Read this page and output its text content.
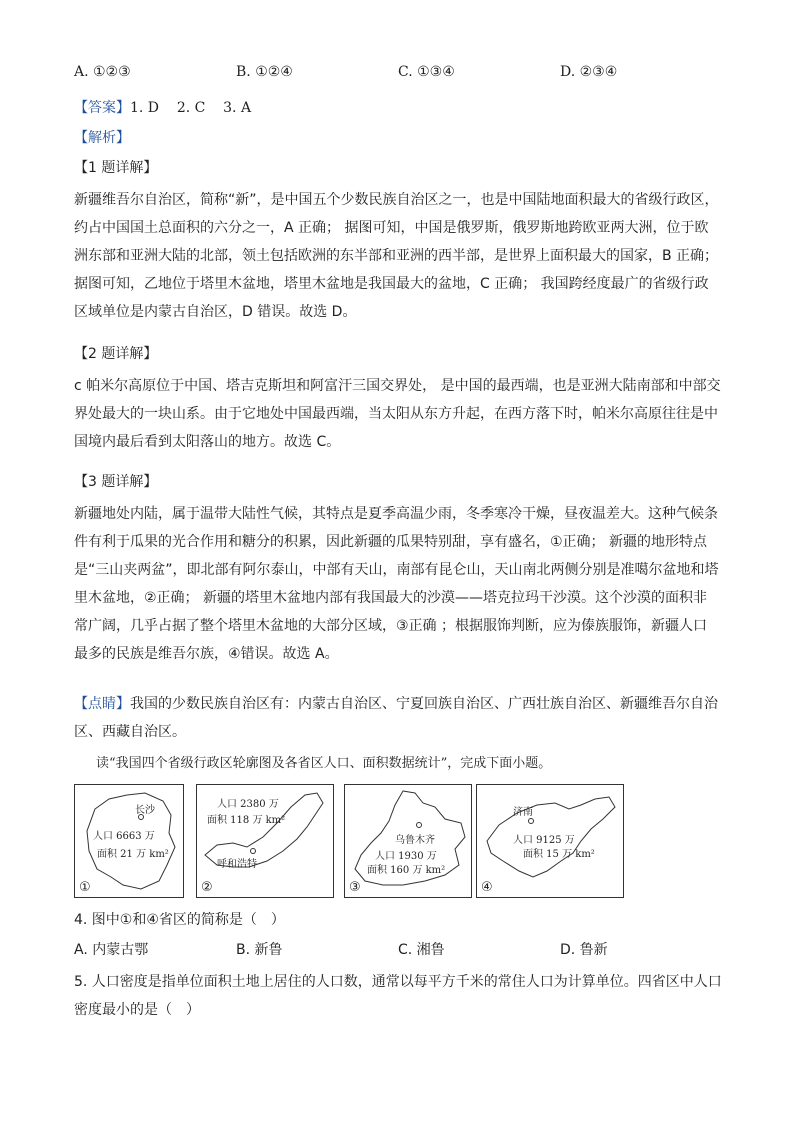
A. ①②③	B. ①②④	C. ①③④	D. ②③④
【答案】1. D    2. C    3. A
【解析】
【1 题详解】
新疆维吾尔自治区，简称“新”，是中国五个少数民族自治区之一，也是中国陆地面积最大的省级行政区，
约占中国国土总面积的六分之一，A 正确； 据图可知，中国是俄罗斯，俄罗斯地跨欧亚两大洲，位于欧
洲东部和亚洲大陆的北部，领土包括欧洲的东半部和亚洲的西半部，是世界上面积最大的国家，B 正确；
据图可知，乙地位于塔里木盆地，塔里木盆地是我国最大的盆地，C 正确； 我国跨经度最广的省级行政
区域单位是内蒙古自治区，D 错误。故选 D。
【2 题详解】
c 帕米尔高原位于中国、塔吉克斯坦和阿富汗三国交界处， 是中国的最西端，也是亚洲大陆南部和中部交
界处最大的一块山系。由于它地处中国最西端，当太阳从东方升起，在西方落下时，帕米尔高原往往是中
国境内最后看到太阳落山的地方。故选 C。
【3 题详解】
新疆地处内陆，属于温带大陆性气候，其特点是夏季高温少雨，冬季寒冷干燥，昼夜温差大。这种气候条
件有利于瓜果的光合作用和糖分的积累，因此新疆的瓜果特别甜，享有盛名，①正确； 新疆的地形特点
是“三山夹两盆”，即北部有阿尔泰山，中部有天山，南部有昆仑山，天山南北两侧分别是准噶尔盆地和塔
里木盆地，②正确； 新疆的塔里木盆地内部有我国最大的沙漠——塔克拉玛干沙漠。这个沙漠的面积非
常广阔，几乎占据了整个塔里木盆地的大部分区域，③正确 ；根据服饰判断，应为傣族服饰，新疆人口
最多的民族是维吾尔族，④错误。故选 A。
【点睛】我国的少数民族自治区有：内蒙古自治区、宁夏回族自治区、广西壮族自治区、新疆维吾尔自治
区、西藏自治区。
读“我国四个省级行政区轮廓图及各省区人口、面积数据统计”，完成下面小题。
长沙
人口 6663 万
面积 21 万 km²
①
人口 2380 万
面积 118 万 km²
呼和浩特
②
乌鲁木齐
人口 1930 万
面积 160 万 km²
③
济南
人口 9125 万
面积 15 万 km²
④
4. 图中①和④省区的简称是（　）
A. 内蒙古鄂	B. 新鲁	C. 湘鲁	D. 鲁新
5. 人口密度是指单位面积土地上居住的人口数，通常以每平方千米的常住人口为计算单位。四省区中人口
密度最小的是（　）
